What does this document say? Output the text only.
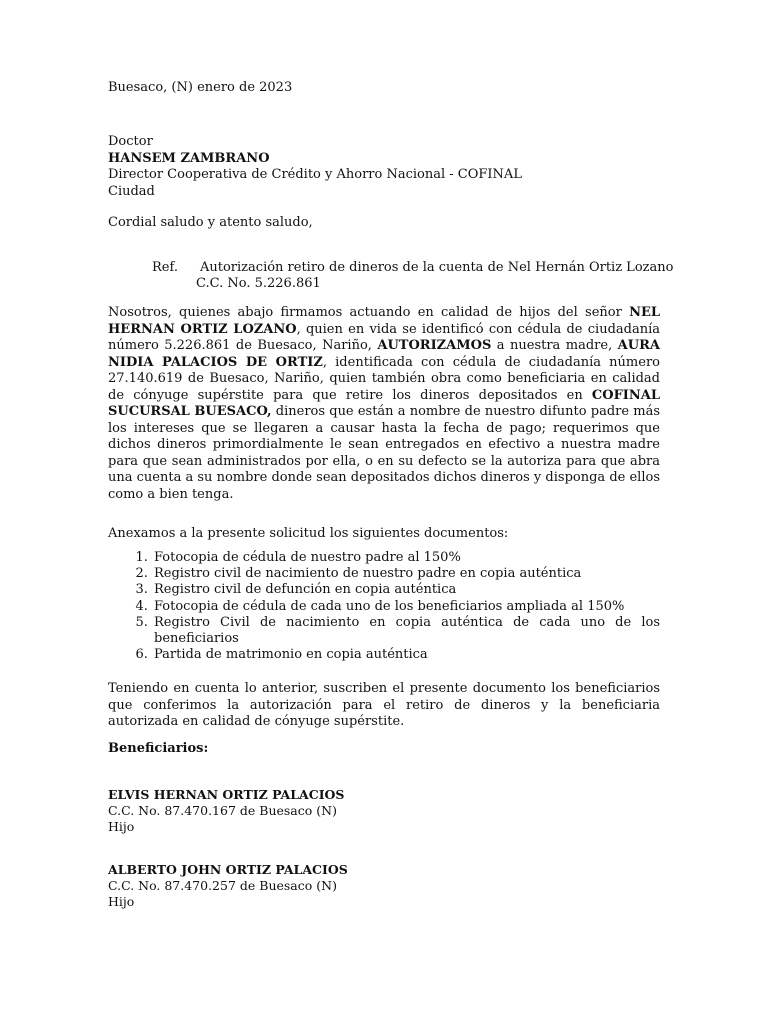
Buesaco, (N) enero de 2023
Doctor
HANSEM ZAMBRANO
Director Cooperativa de Crédito y Ahorro Nacional - COFINAL
Ciudad
Cordial saludo y atento saludo,
Ref. Autorización retiro de dineros de la cuenta de Nel Hernán Ortiz Lozano
C.C. No. 5.226.861
Nosotros, quienes abajo firmamos actuando en calidad de hijos del señor NEL HERNAN ORTIZ LOZANO, quien en vida se identificó con cédula de ciudadanía número 5.226.861 de Buesaco, Nariño, AUTORIZAMOS a nuestra madre, AURA NIDIA PALACIOS DE ORTIZ, identificada con cédula de ciudadanía número 27.140.619 de Buesaco, Nariño, quien también obra como beneficiaria en calidad de cónyuge supérstite para que retire los dineros depositados en COFINAL SUCURSAL BUESACO, dineros que están a nombre de nuestro difunto padre más los intereses que se llegaren a causar hasta la fecha de pago; requerimos que dichos dineros primordialmente le sean entregados en efectivo a nuestra madre para que sean administrados por ella, o en su defecto se la autoriza para que abra una cuenta a su nombre donde sean depositados dichos dineros y disponga de ellos como a bien tenga.
Anexamos a la presente solicitud los siguientes documentos:
1. Fotocopia de cédula de nuestro padre al 150%
2. Registro civil de nacimiento de nuestro padre en copia auténtica
3. Registro civil de defunción en copia auténtica
4. Fotocopia de cédula de cada uno de los beneficiarios ampliada al 150%
5. Registro Civil de nacimiento en copia auténtica de cada uno de los beneficiarios
6. Partida de matrimonio en copia auténtica
Teniendo en cuenta lo anterior, suscriben el presente documento los beneficiarios que conferimos la autorización para el retiro de dineros y la beneficiaria autorizada en calidad de cónyuge supérstite.
Beneficiarios:
ELVIS HERNAN ORTIZ PALACIOS
C.C. No. 87.470.167 de Buesaco (N)
Hijo
ALBERTO JOHN ORTIZ PALACIOS
C.C. No. 87.470.257 de Buesaco (N)
Hijo
